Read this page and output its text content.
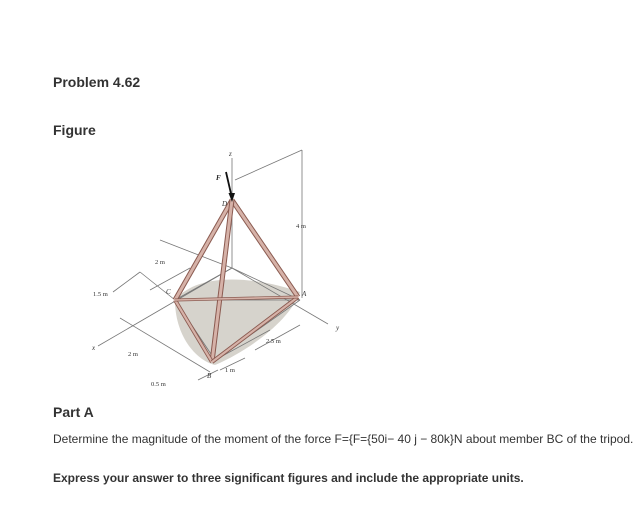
Problem 4.62
Figure
F
z
y
x
D
C	A
B
4 m
2 m
1.5 m
2 m
0.5 m
1 m
2.5 m
Part A
Determine the magnitude of the moment of the force F={F={50i− 40 j − 80k}N about member BC of the tripod.
Express your answer to three significant figures and include the appropriate units.
